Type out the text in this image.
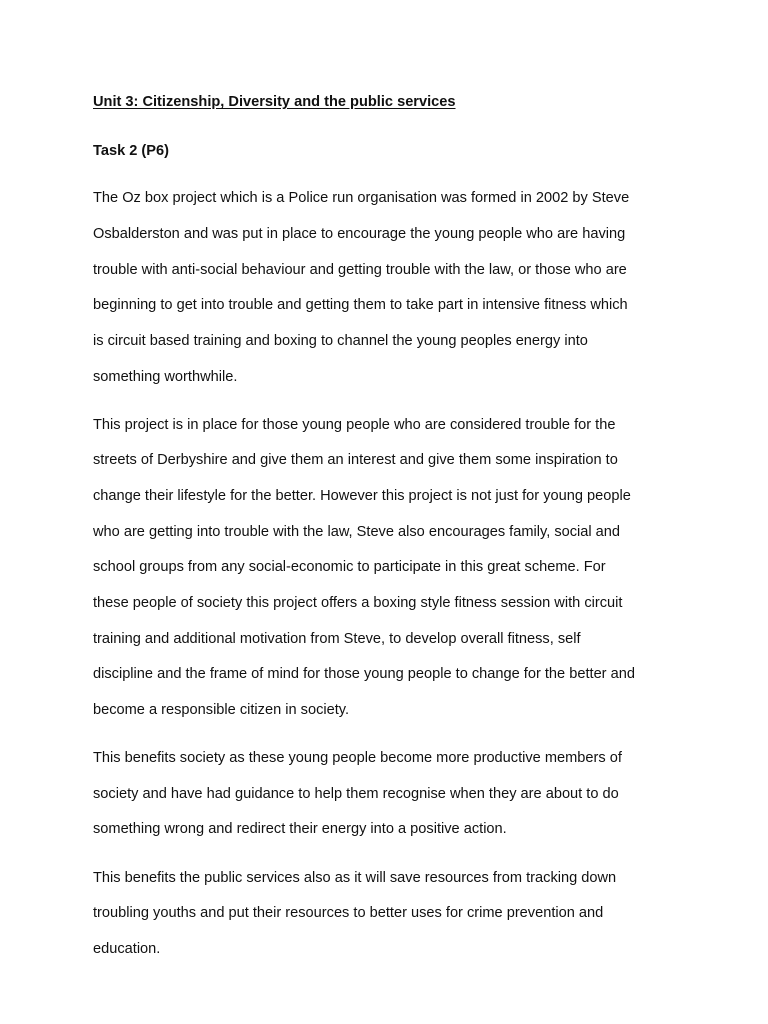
Unit 3: Citizenship, Diversity and the public services

Task 2 (P6)

The Oz box project which is a Police run organisation was formed in 2002 by Steve

Osbalderston and was put in place to encourage the young people who are having

trouble with anti-social behaviour and getting trouble with the law, or those who are

beginning to get into trouble and getting them to take part in intensive fitness which

is circuit based training and boxing to channel the young peoples energy into

something worthwhile.

This project is in place for those young people who are considered trouble for the

streets of Derbyshire and give them an interest and give them some inspiration to

change their lifestyle for the better. However this project is not just for young people

who are getting into trouble with the law, Steve also encourages family, social and

school groups from any social-economic to participate in this great scheme. For

these people of society this project offers a boxing style fitness session with circuit

training and additional motivation from Steve, to develop overall fitness, self

discipline and the frame of mind for those young people to change for the better and

become a responsible citizen in society.

This benefits society as these young people become more productive members of

society and have had guidance to help them recognise when they are about to do

something wrong and redirect their energy into a positive action.

This benefits the public services also as it will save resources from tracking down

troubling youths and put their resources to better uses for crime prevention and

education.
